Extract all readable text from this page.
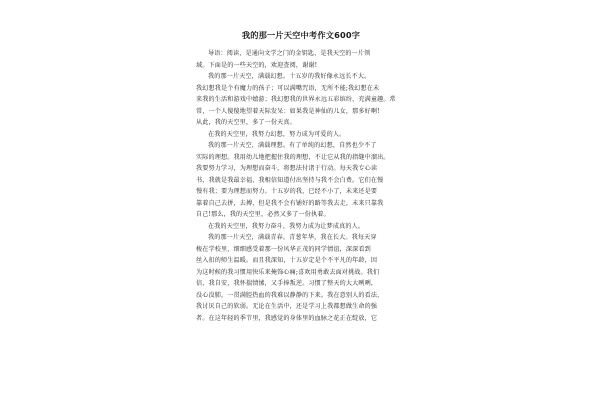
我的那一片天空中考作文600字
导语：阅读，是通向文学之门的金钥匙，是我天空的一片领
域。下面是的一些天空的，欢迎查阅，谢谢!
我的那一片天空，满载幻想。十五岁的我好像永远长不大。
我幻想我是个有魔力的孩子；可以满嘴咒语，无所不能;我幻想在未
来我的生活和游戏中嬉游；我幻想我的世界永远五彩缤纷，充满童趣。常
常，一个人傻傻地望着天际发呆：如果我是神仙的儿女，那多好啊!
从此，我的天空里，多了一份天真。
在我的天空里，我努力幻想，努力成为可爱的人。
我的那一片天空，满载理想。有了单纯的幻想，自然也少不了
实际的理想。我用幼儿地把握住我的理想，不让它从我的指缝中溜出。
我要努力学习，为理想而奋斗，将想法付诸于行动。每天我专心读
书，我就是我最幸福，我相信知道付出坚持与我不会白费。它们在慢
慢有我；要为理想而努力。十五岁的我，已经不小了，未来还是要
靠着自己去拼，去搏，但是我不会有铺好的路等我去走，未来只靠我
自己!那么，我的天空里，必然又多了一份执着。
在我的天空里，我努力奋斗，我努力成为让梦成真的人。
我的那一片天空，满载青春。青葱年华，我在长大。我每天穿
梭在学校里，细细感受着那一份风华正茂的同学情谊，深深看到
丝入扣的师生温暖。而且我深知，十五岁定是个不平凡的年龄，因
为这时候的我习惯用快乐来掩饰心痛;喜欢用勇敢去面对挑战。我们
信，我自安，我怀揣情愫，又手捧叛逆。习惯了整天的大大咧咧，
没心没肺，一贯满腔热血的我难以静静的下来。我在意别人的看法，
我讨厌自己的软弱。无论在生活中，还是学习上我都想做生命的强
者。在这年轻的季节里，我感觉的身体里的血脉之花正在绽放，它
